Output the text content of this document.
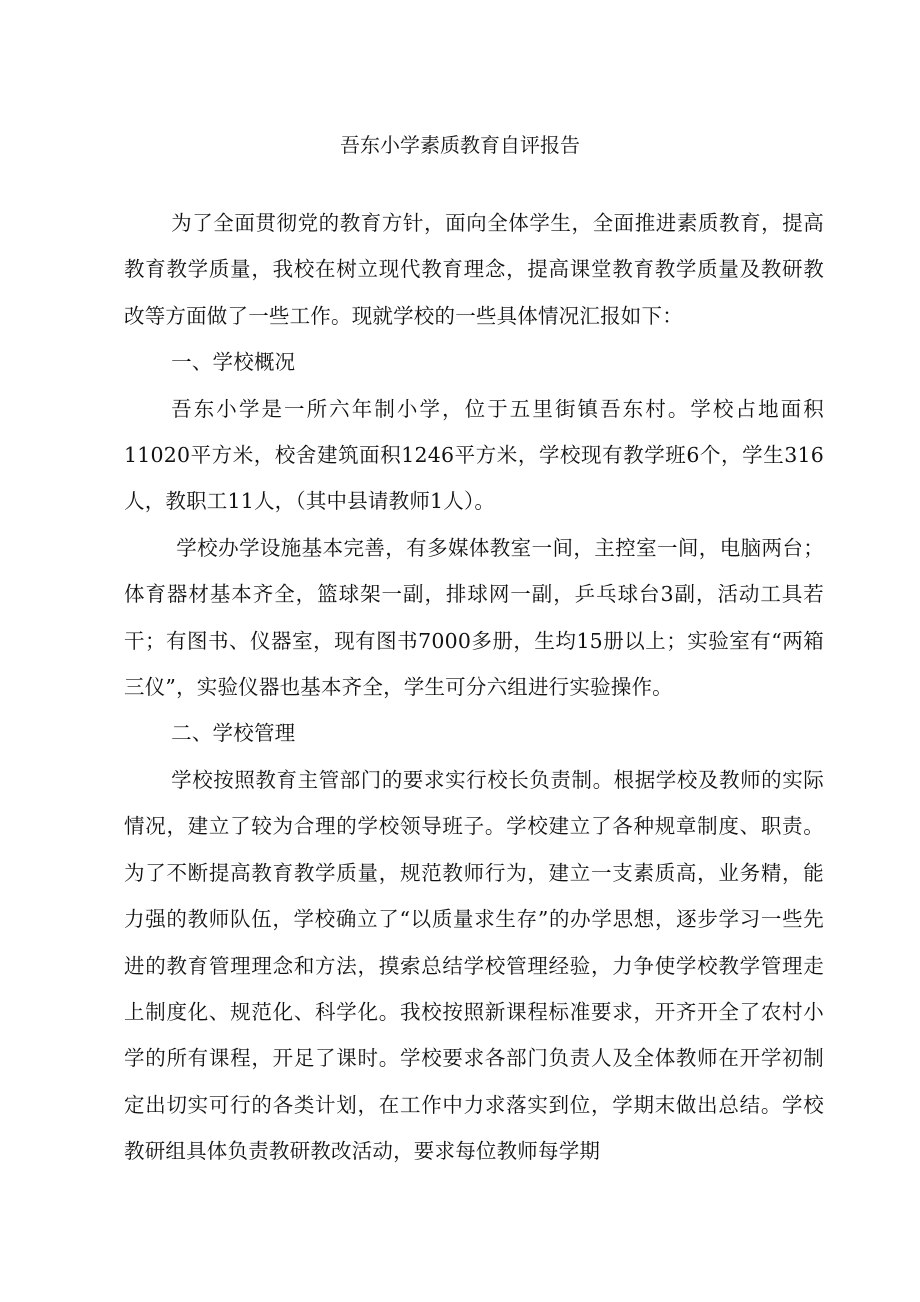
吾东小学素质教育自评报告

为了全面贯彻党的教育方针，面向全体学生，全面推进素质教育，提高教育教学质量，我校在树立现代教育理念，提高课堂教育教学质量及教研教改等方面做了一些工作。现就学校的一些具体情况汇报如下：

一、学校概况

吾东小学是一所六年制小学，位于五里街镇吾东村。学校占地面积11020平方米，校舍建筑面积1246平方米，学校现有教学班6个，学生316人，教职工11人，（其中县请教师1人）。

学校办学设施基本完善，有多媒体教室一间，主控室一间，电脑两台；体育器材基本齐全，篮球架一副，排球网一副，乒乓球台3副，活动工具若干；有图书、仪器室，现有图书7000多册，生均15册以上；实验室有“两箱三仪”，实验仪器也基本齐全，学生可分六组进行实验操作。

二、学校管理

学校按照教育主管部门的要求实行校长负责制。根据学校及教师的实际情况，建立了较为合理的学校领导班子。学校建立了各种规章制度、职责。为了不断提高教育教学质量，规范教师行为，建立一支素质高，业务精，能力强的教师队伍，学校确立了“以质量求生存”的办学思想，逐步学习一些先进的教育管理理念和方法，摸索总结学校管理经验，力争使学校教学管理走上制度化、规范化、科学化。我校按照新课程标准要求，开齐开全了农村小学的所有课程，开足了课时。学校要求各部门负责人及全体教师在开学初制定出切实可行的各类计划，在工作中力求落实到位，学期末做出总结。学校教研组具体负责教研教改活动，要求每位教师每学期
